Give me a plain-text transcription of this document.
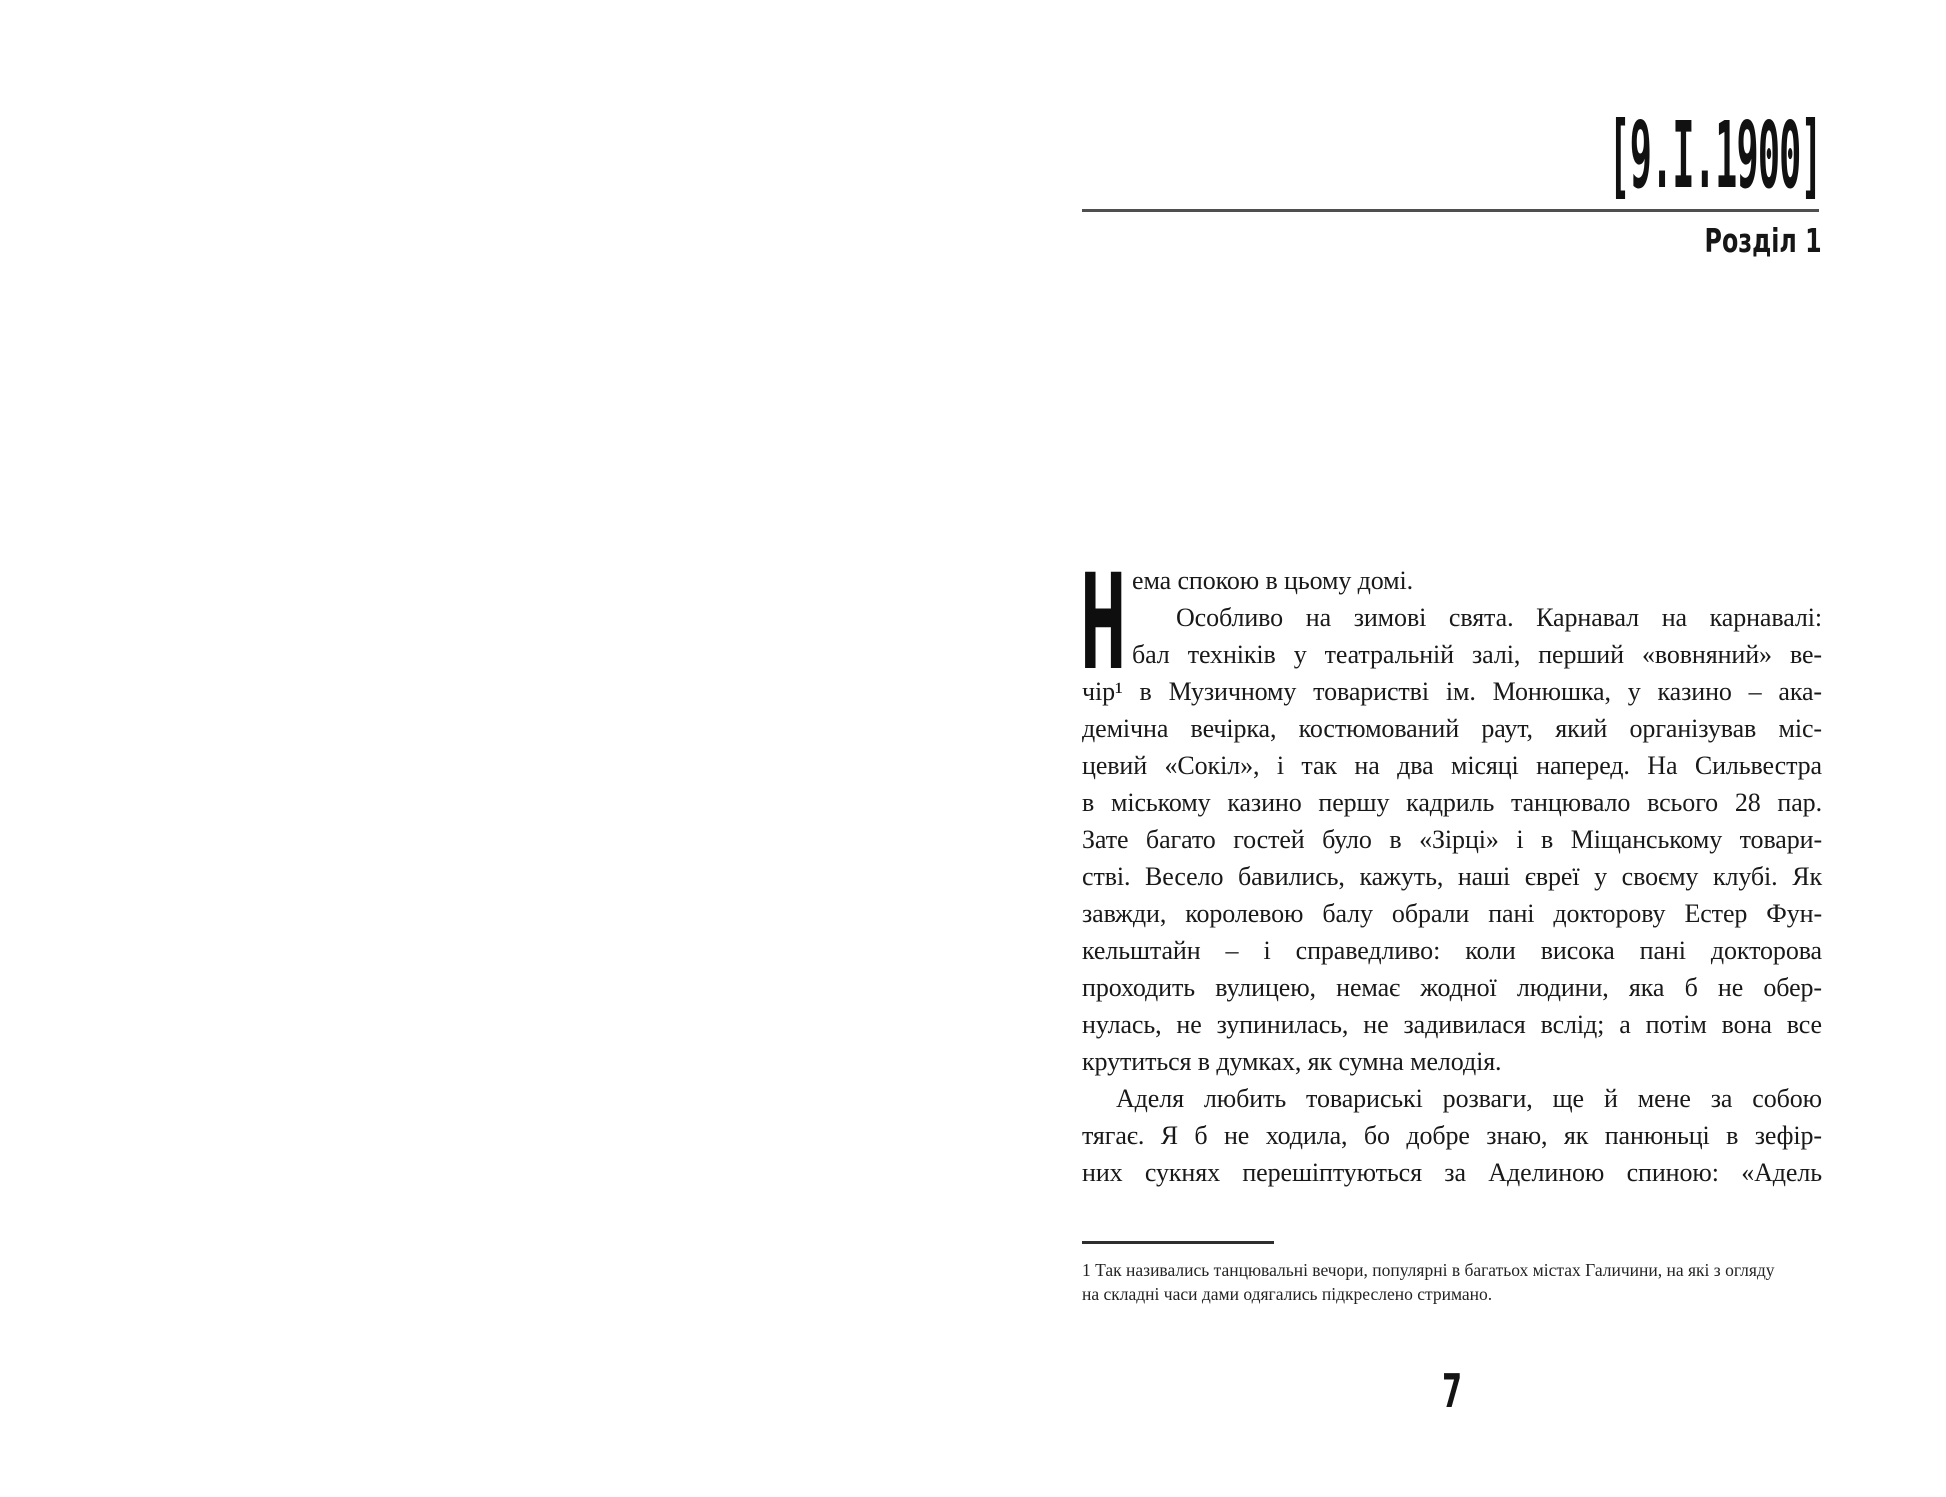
[9.I.1900]
Розділ 1
Н ема спокою в цьому домі.
Особливо на зимові свята. Карнавал на карнавалі:
бал техніків у театральній залі, перший «вовняний» ве-
чір¹ в Музичному товаристві ім. Монюшка, у казино – ака-
демічна вечірка, костюмований раут, який організував міс-
цевий «Сокіл», і так на два місяці наперед. На Сильвестра
в міському казино першу кадриль танцювало всього 28 пар.
Зате багато гостей було в «Зірці» і в Міщанському товари-
стві. Весело бавились, кажуть, наші євреї у своєму клубі. Як
завжди, королевою балу обрали пані докторову Естер Фун-
кельштайн – і справедливо: коли висока пані докторова
проходить вулицею, немає жодної людини, яка б не обер-
нулась, не зупинилась, не задивилася вслід; а потім вона все
крутиться в думках, як сумна мелодія.
Аделя любить товариські розваги, ще й мене за собою
тягає. Я б не ходила, бо добре знаю, як панюньці в зефір-
них сукнях перешіптуються за Аделиною спиною: «Адель
1 Так називались танцювальні вечори, популярні в багатьох містах Галичини, на які з огляду
на складні часи дами одягались підкреслено стримано.
7
